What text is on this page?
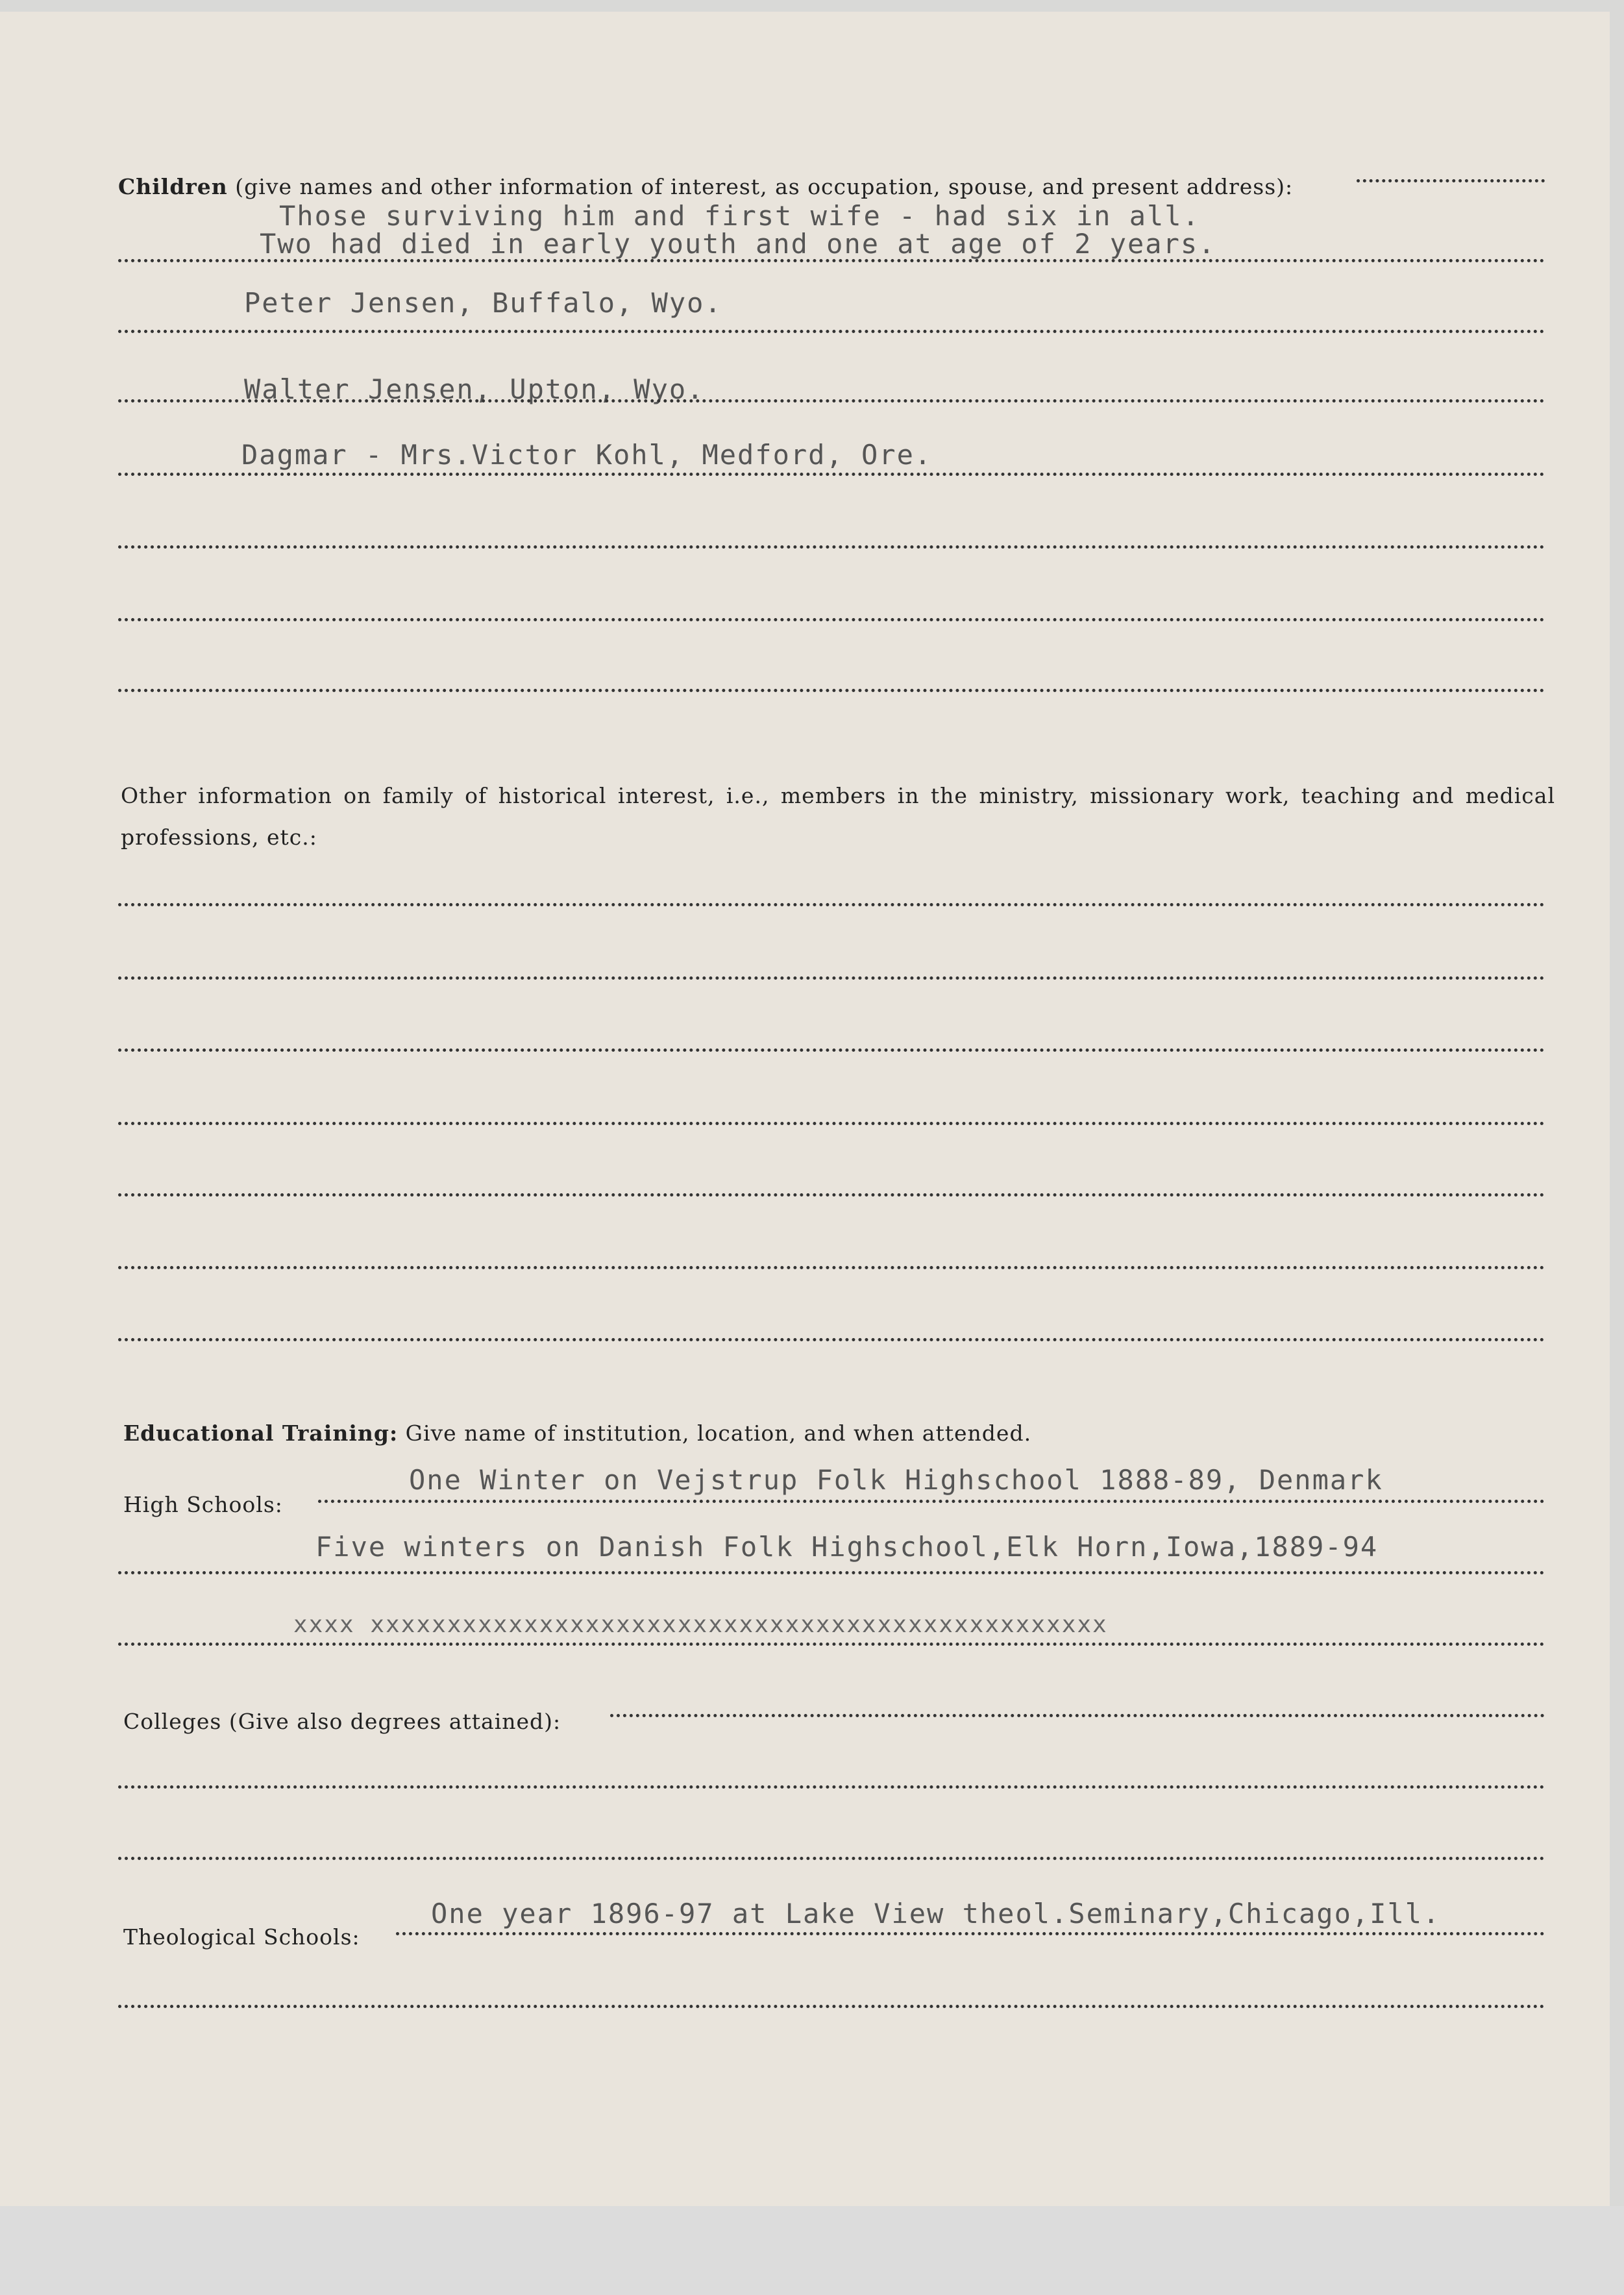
Children (give names and other information of interest, as occupation, spouse, and present address):
Those surviving him and first wife - had six in all.
Two had died in early youth and one at age of 2 years.
Peter Jensen, Buffalo, Wyo.
Walter Jensen, Upton, Wyo.
Dagmar - Mrs.Victor Kohl, Medford, Ore.
Other information on family of historical interest, i.e., members in the ministry, missionary work, teaching and medical professions, etc.:
Educational Training: Give name of institution, location, and when attended.
High Schools:
One Winter on Vejstrup Folk Highschool 1888-89, Denmark
Five winters on Danish Folk Highschool,Elk Horn,Iowa,1889-94
xxxx xxxxxxxxxxxxxxxxxxxxxxxxxxxxxxxxxxxxxxxxxxxxxxxx
Colleges (Give also degrees attained):
Theological Schools:
One year 1896-97 at Lake View theol.Seminary,Chicago,Ill.
